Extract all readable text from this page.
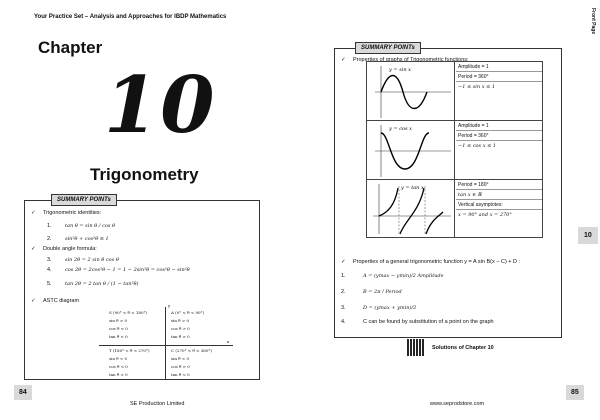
Your Practice Set – Analysis and Approaches for IBDP Mathematics	Front Page
Chapter
10
Trigonometry
SUMMARY POINTs
✓ Trigonometric identities:
1.	tan θ = sin θ / cos θ
2.	sin²θ + cos²θ ≡ 1
✓ Double angle formula:
3.	sin 2θ = 2 sin θ cos θ
4.	cos 2θ = 2cos²θ − 1 = 1 − 2sin²θ = cos²θ − sin²θ
5.	tan 2θ = 2 tan θ / (1 − tan²θ)
✓ ASTC diagram
S (90° < θ < 180°)
sin θ > 0
cos θ < 0
tan θ < 0
A (0° < θ < 90°)
sin θ > 0
cos θ > 0
tan θ > 0
T (180° < θ < 270°)
sin θ < 0
cos θ < 0
tan θ > 0
C (270° < θ < 360°)
sin θ < 0
cos θ > 0
tan θ < 0
x
y
84
SE Production Limited
SUMMARY POINTs
✓ Properties of graphs of Trigonometric functions:
✓ Properties of a general trigonometric function y = A sin B(x − C) + D :
1.	A = (ymax − ymin)/2 Amplitude
2.	B = 2π / Period
3.	D = (ymax + ymin)/2
4.	C can be found by substitution of a point on the graph
y = sin x	Amplitude = 1
Period = 360°
−1 ≤ sin x ≤ 1
y = cos x	Amplitude = 1
Period = 360°
−1 ≤ cos x ≤ 1
y = tan x	Period = 180°
tan x ∈ ℝ
Vertical asymptotes:
x = 90° and x = 270°
Solutions of Chapter 10
10
85
www.seprodstore.com
